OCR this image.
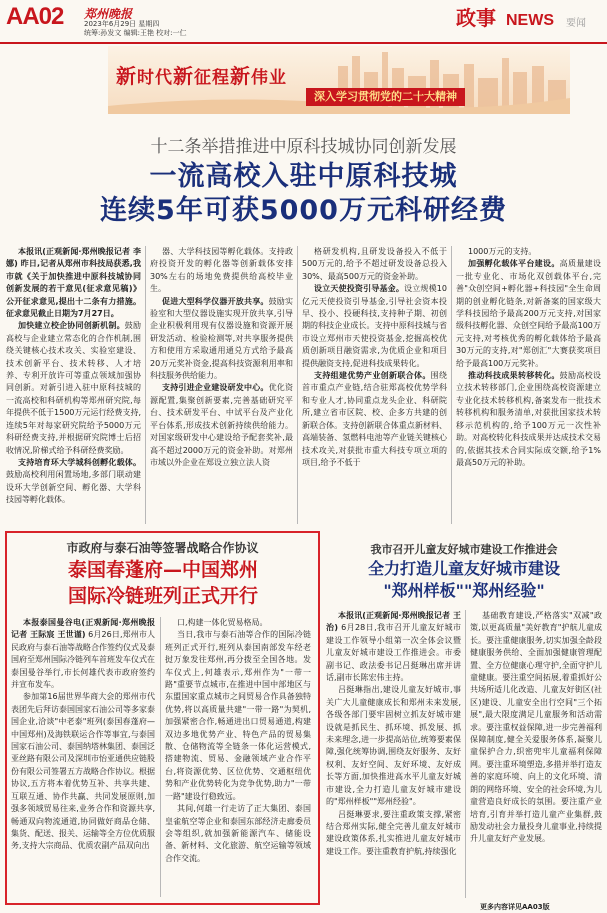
AA02 郑州晚报
2023年6月29日 星期四
统筹:孙发文 编辑:王艳 校对:一仁
政事 NEWS 要闻
新时代新征程新伟业
深入学习贯彻党的二十大精神
十二条举措推进中原科技城协同创新发展
一流高校入驻中原科技城
连续5年可获5000万元科研经费

本报讯(正观新闻·郑州晚报记者 李娜) 昨日,记者从郑州市科技局获悉,我市就《关于加快推进中原科技城协同创新发展的若干意见(征求意见稿)》公开征求意见,提出十二条有力措施。征求意见截止日期为7月27日。

加快建立校企协同创新机制。鼓励高校与企业建立常态化的合作机制,围绕关键核心技术攻关、实验室建设、技术创新平台、技术转移、人才培养、专利开放许可等重点领域加强协同创新。对新引进入驻中原科技城的一流高校和科研机构等郑州研究院,每年提供不低于1500万元运行经费支持,连续5年对每家研究院给予5000万元科研经费支持,并根据研究院博士后招收情况,阶梯式给予科研经费奖励。

支持培育环大学城科创孵化载体。鼓励高校利用闲置场地,多部门联动建设环大学创新空间、孵化器、大学科技园等孵化载体。

器、大学科技园等孵化载体。支持政府投资开发的孵化器等创新载体安排30%左右的场地免费提供给高校毕业生。

促进大型科学仪器开放共享。鼓励实验室和大型仪器设施实现开放共享,引导企业积极利用现有仪器设施和资源开展研发活动、检验检测等,对共享服务提供方和使用方采取通用通兑方式给予最高20万元奖补资金,提高科技资源利用率和科技服务供给能力。

支持引进企业建设研发中心。优化资源配置,集聚创新要素,完善基础研究平台、技术研发平台、中试平台及产业化平台体系,形成技术创新持续供给能力。对国家级研发中心建设给予配套奖补,最高不超过2000万元的资金补助。对郑州市域以外企业在郑设立独立法人资

格研发机构,且研发设备投入不低于500万元的,给予不超过研发设备总投入30%、最高500万元的资金补助。

设立天使投资引导基金。设立规模10亿元天使投资引导基金,引导社会资本投早、投小、投硬科技,支持种子期、初创期的科技企业成长。支持中原科技城与省市设立郑州市天使投资基金,挖掘高校优质创新项目融资需求,为优质企业和项目提供融资支持,促进科技成果转化。

支持组建优势产业创新联合体。围绕首市重点产业链,结合驻郑高校优势学科和专业人才,协同重点龙头企业、科研院所,建立省市区院、校、企多方共建的创新联合体。支持创新联合体重点新材料、高端装备、氢燃料电池等产业链关键核心技术攻关,对获批市重大科技专项立项的项目,给予不低于

1000万元的支持。

加强孵化载体平台建设。高质量建设一批专业化、市场化双创载体平台,完善"众创空间+孵化器+科技园"全生命周期的创业孵化链条,对新备案的国家级大学科技园给予最高200万元支持,对国家级科技孵化器、众创空间给予最高100万元支持,对考核优秀的孵化载体给予最高30万元的支持,对"郑创汇"大赛获奖项目给予最高100万元奖补。

推动科技成果转移转化。鼓励高校设立技术转移部门,企业围绕高校资源建立专业化技术转移机构,备案发布一批技术转移机构和服务清单,对获批国家技术转移示范机构的,给予100万元一次性补助。对高校转化科技成果并达成技术交易的,依据其技术合同实际成交额,给予1%最高50万元的补助。

市政府与泰石油等签署战略合作协议
泰国春蓬府—中国郑州
国际冷链班列正式开行

本报泰国曼谷电(正观新闻·郑州晚报记者 王际宸 王世谨) 6月26日,郑州市人民政府与泰石油等战略合作签约仪式及泰国府至郑州国际冷链列车首班发车仪式在泰国曼谷举行,市长何雄代表市政府签约并宣布发车。

参加第16届世界华商大会的郑州市代表团先后拜访泰国国家石油公司等多家泰国企业,洽谈"中老泰"班列(泰国春蓬府—中国郑州)及海铁联运合作等事宜,与泰国国家石油公司、泰国纳塔林集团、泰国泛亚丝路有限公司及深圳市怡亚通供应链股份有限公司签署五方战略合作协议。根据协议,五方将本着优势互补、共享共建、互联互通、协作共赢、共同发展原则,加强多领域贸易往来,业务合作和资源共享,畅通双向物流通道,协同做好商品仓储、集货、配送、报关、运输等全方位优质服务,支持大宗商品、优质农副产品双向出

口,构建一体化贸易格局。

当日,我市与泰石油等合作的国际冷链班列正式开行,班列从泰国南部发车经老挝万象发往郑州,再分拨至全国各地。发车仪式上,何雄表示,郑州作为"一带一路"重要节点城市,在推进中国中部地区与东盟国家重点城市之间贸易合作具备独特优势,将以高质量共建"一带一路"为契机,加强紧密合作,畅通进出口贸易通道,构建双边多地优势产业、特色产品的贸易集散、仓储物流等全链条一体化运营模式,搭建物流、贸易、金融领域产业合作平台,将资源优势、区位优势、交通枢纽优势和产业优势转化为竞争优势,助力"一带一路"建设行稳致远。

其间,何雄一行走访了正大集团、泰国皇雀航空等企业和泰国东部经济走廊委员会等组织,就加强新能源汽车、储能设备、新材料、文化旅游、航空运输等领域合作交流。

我市召开儿童友好城市建设工作推进会
全力打造儿童友好城市建设
"郑州样板""郑州经验"

本报讯(正观新闻·郑州晚报记者 王治) 6月28日,我市召开儿童友好城市建设工作领导小组第一次全体会议暨儿童友好城市建设工作推进会。市委副书记、政法委书记吕挺琳出席并讲话,副市长陈宏伟主持。

吕挺琳指出,建设儿童友好城市,事关广大儿童健康成长和郑州未来发展,各级各部门要牢固树立抓友好城市建设就是抓民生、抓环境、抓发展、抓未来理念,进一步提高站位,统筹要素保障,强化统筹协调,围绕友好服务、友好权利、友好空间、友好环境、友好成长等方面,加快推进高水平儿童友好城市建设,全力打造儿童友好城市建设的"郑州样板""郑州经验"。

吕挺琳要求,要注重政策支撑,紧密结合郑州实际,健全完善儿童友好城市建设政策体系,扎实推进儿童友好城市建设工作。要注重教育护航,持续强化

基础教育建设,严格落实"双减"政策,以更高质量"美好教育"护航儿童成长。要注重健康服务,切实加强全龄段健康服务供给、全面加强健康管理配置、全方位健康心理守护,全面守护儿童健康。要注重空间拓展,着重抓好公共场所适儿化改造、儿童友好街区(社区)建设、儿童安全出行空间"三个拓展",最大限度满足儿童服务和活动需求。要注重权益保障,进一步完善福利保障制度,健全关爱服务体系,凝聚儿童保护合力,织密兜牢儿童福利保障网。要注重环境塑造,多措并举打造友善的家庭环境、向上的文化环境、清朗的网络环境、安全的社会环境,为儿童营造良好成长的氛围。要注重产业培育,引育并举打造儿童产业集群,鼓励发动社会力量投身儿童事业,持续提升儿童友好产业发展。

更多内容详见AA03版
